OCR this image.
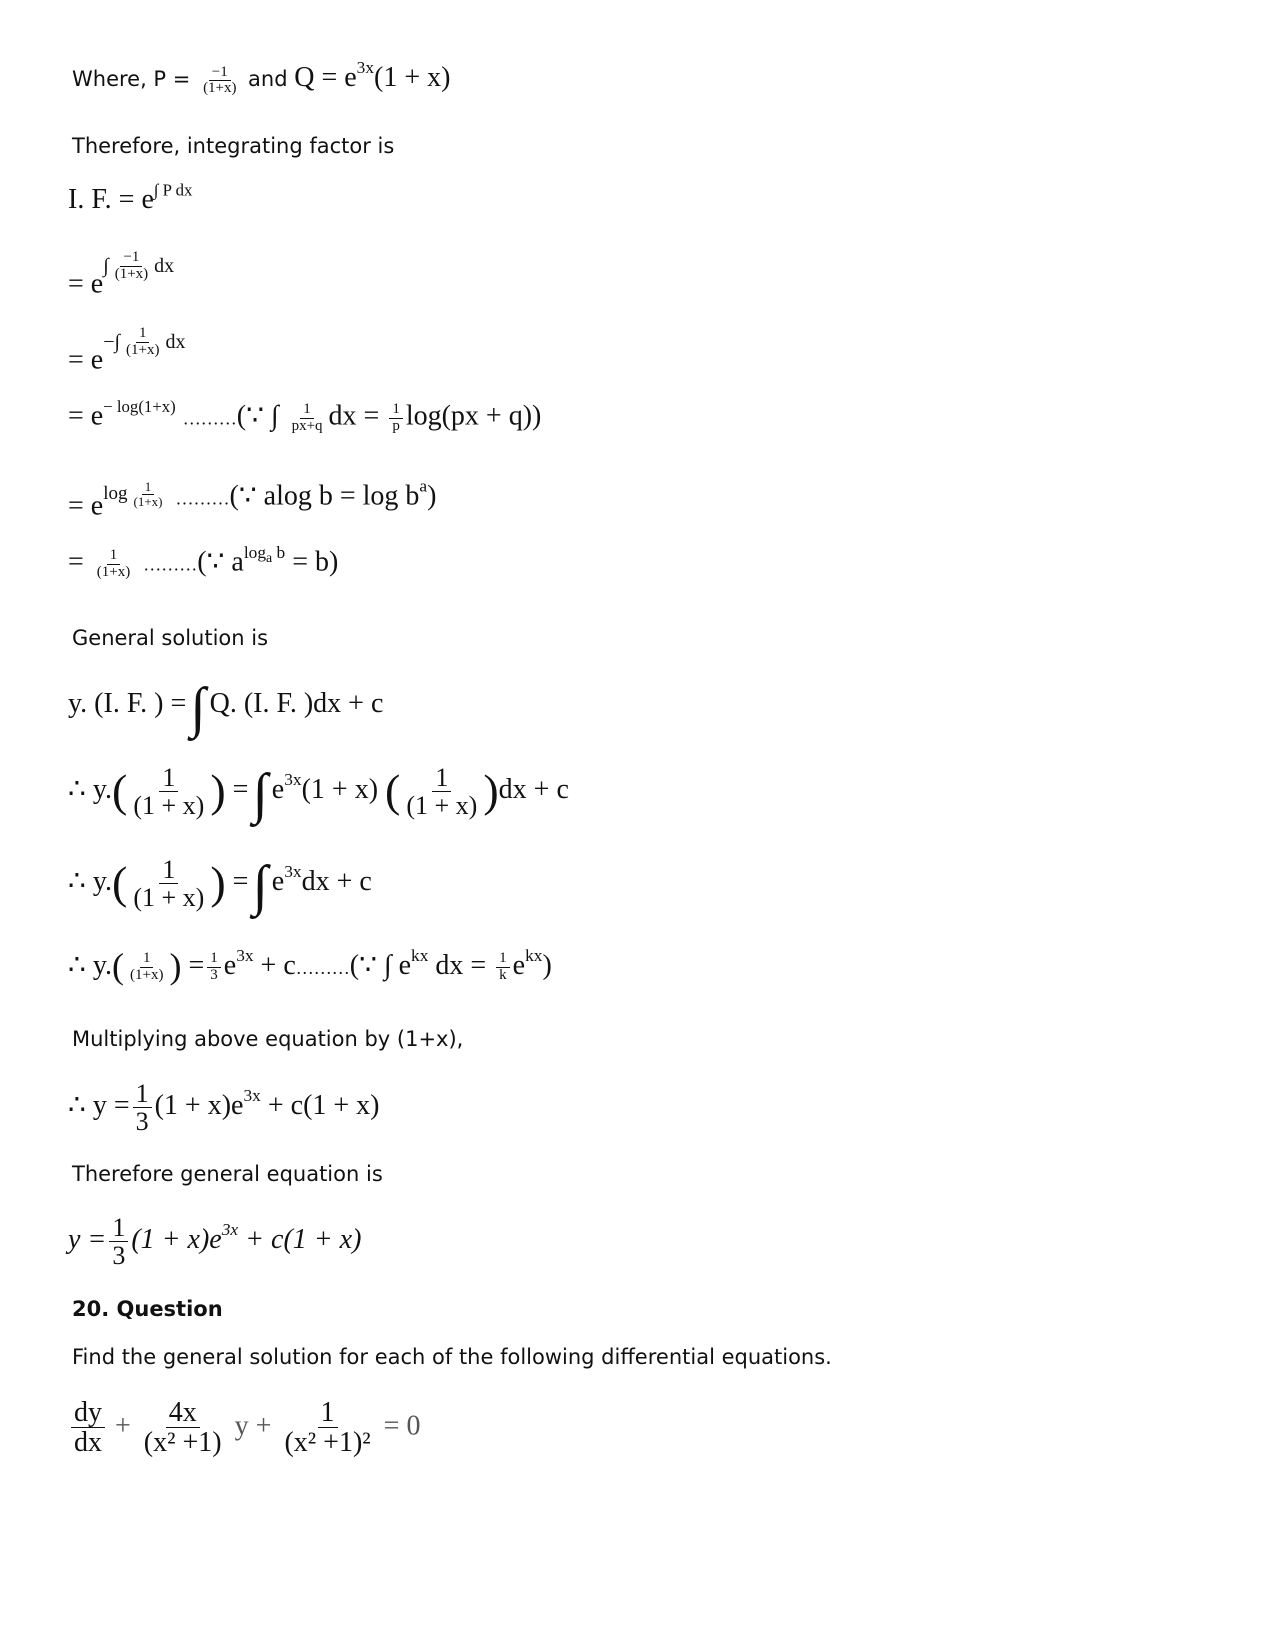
Where, $P = \frac{-1}{(1+x)}$ and $Q = e^{3x}(1 + x)$
Therefore, integrating factor is
I. F. = $e^{\int P dx}$
= e
∫ $\frac{-1}{(1+x)}$ dx
= e
−∫ $\frac{1}{(1+x)}$ dx
= $e^{- log(1+x)}$ ………(∵ ∫ $\frac{1}{px+q}$ dx = $\frac{1}{p} \log(px + q)$)
= $e^{log \frac{1}{(1+x)}}$ ………(∵ alog $b = \log b^a$)
= $\frac{1}{(1+x)}$ ………(∵ $a^{log_a b} = b$)
General solution is
y. (I. F. ) =∫ Q. (I. F. )dx + c
∴ $y.( \frac{1}{(1 + x)}$ ) =∫ $e^{3x}(1 + x)$ ( $\frac{1}{(1 + x)} )dx + c$
∴ $y.( \frac{1}{(1 + x)}$ ) =∫ $e^{3x}dx + c$
∴ $y.( \frac{1}{(1+x)}$ ) = $\frac{1}{3} e^{3x}$ + c………(∵ ∫ $e^{kx}$ dx = $\frac{1}{k} e^{kx}$)
Multiplying above equation by (1+x),
∴ $y = \frac{1}{3} (1 + x)e^{3x} + c(1 + x)$
Therefore general equation is
$y = \frac{1}{3} (1 + x)e^{3x} + c(1 + x)$
20. Question
Find the general solution for each of the following differential equations.
$\frac{dy}{dx} + \frac{4x}{\text{(x² +1)}}$ $y + \frac{1}{\text{(x² +1)²}} = 0$
